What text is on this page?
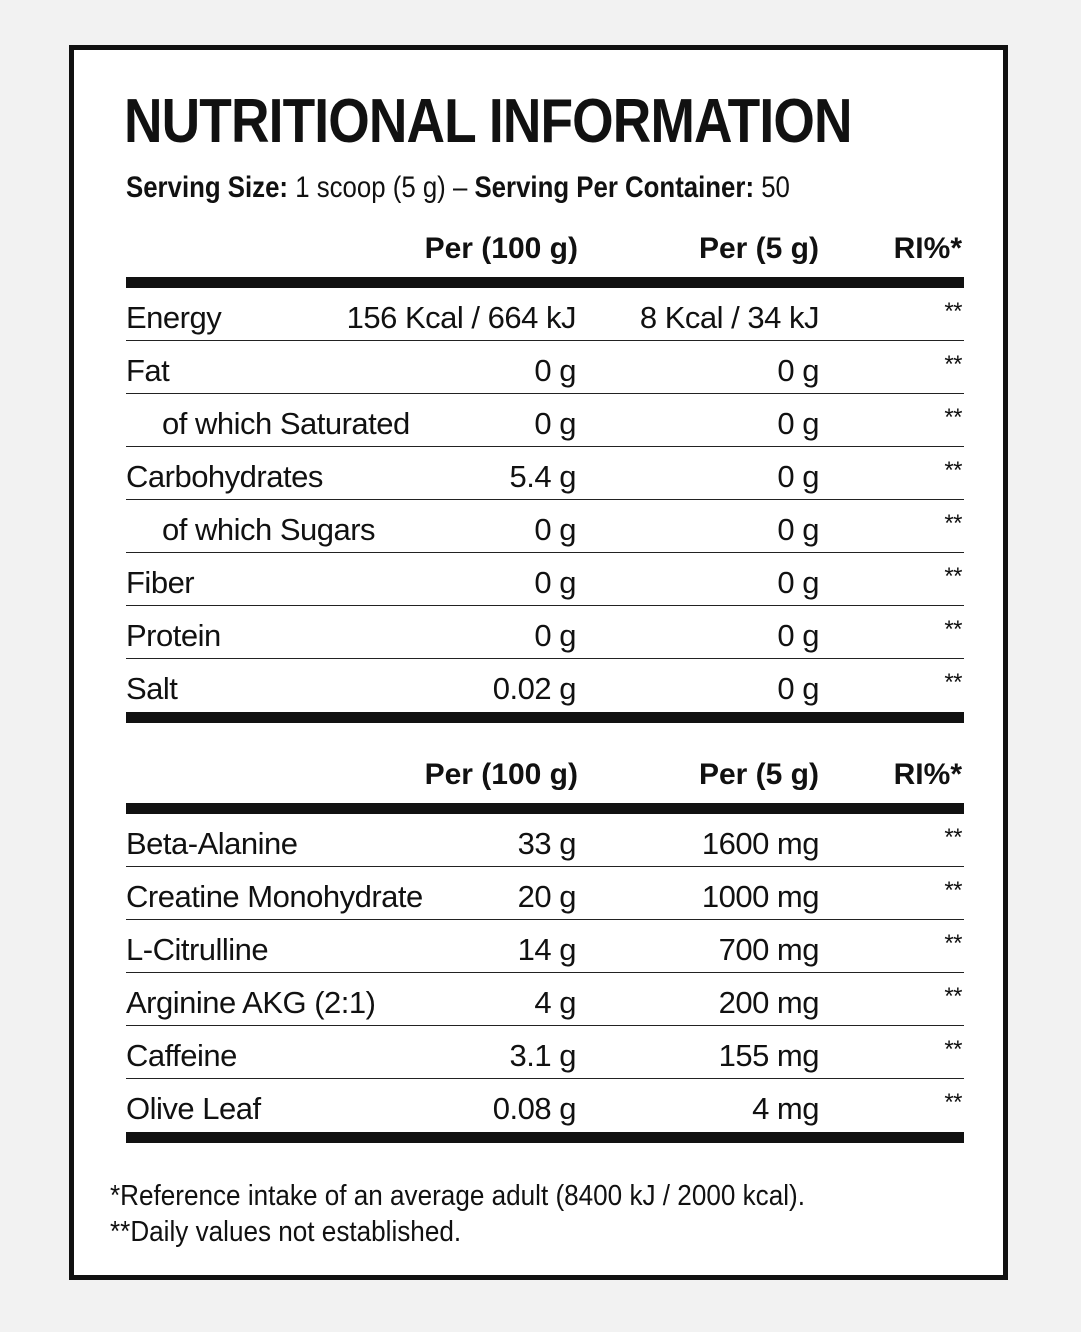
NUTRITIONAL INFORMATION
Serving Size: 1 scoop (5 g) – Serving Per Container: 50
Per (100 g)	Per (5 g) RI%*
Energy	156 Kcal / 664 kJ 8 Kcal / 34 kJ	**
Fat	0 g	0 g	**
of which Saturated	0 g	0 g	**
Carbohydrates	5.4 g	0 g	**
of which Sugars	0 g	0 g	**
Fiber	0 g	0 g	**
Protein	0 g	0 g	**
Salt	0.02 g	0 g	**
Per (100 g)	Per (5 g) RI%*
Beta-Alanine	33 g	1600 mg	**
Creatine Monohydrate	20 g	1000 mg	**
L-Citrulline	14 g	700 mg	**
Arginine AKG (2:1)	4 g	200 mg	**
Caffeine	3.1 g	155 mg	**
Olive Leaf	0.08 g	4 mg	**
*Reference intake of an average adult (8400 kJ / 2000 kcal).
**Daily values not established.
